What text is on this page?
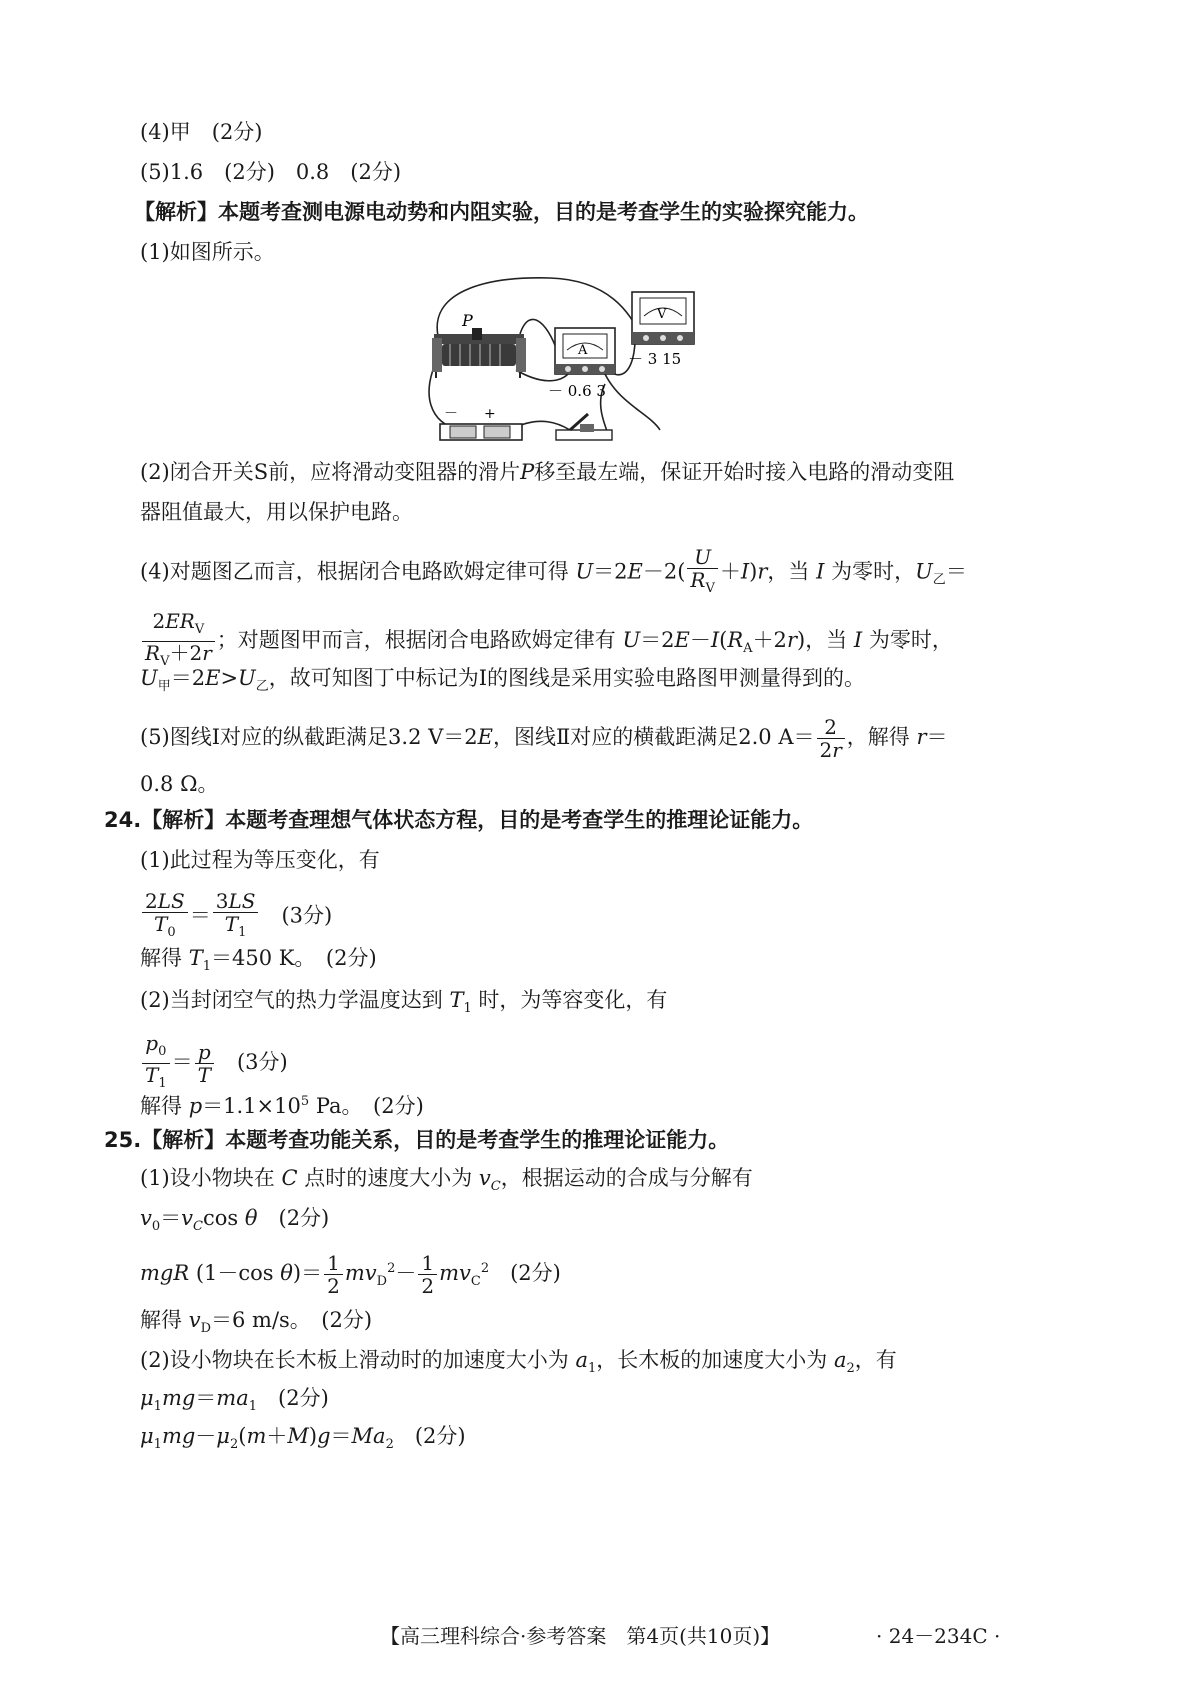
(4)甲　(2分)
(5)1.6　(2分)　0.8　(2分)
【解析】本题考查测电源电动势和内阻实验，目的是考查学生的实验探究能力。
(1)如图所示。
P
A
－ 0.6 3
V
－ 3 15
－ +
(2)闭合开关S前，应将滑动变阻器的滑片P移至最左端，保证开始时接入电路的滑动变阻
器阻值最大，用以保护电路。
(4)对题图乙而言，根据闭合电路欧姆定律可得 $U=2E-2( \frac{U}{R_V} +I)r$，当 I 为零时，$U_乙=$
$\frac{2ER_V}{R_V+2r}$ ；对题图甲而言，根据闭合电路欧姆定律有 $U=2E-I(R_A+2r)$，当 I 为零时，
$U_甲=2E>U_乙$，故可知图丁中标记为Ⅰ的图线是采用实验电路图甲测量得到的。
(5)图线Ⅰ对应的纵截距满足3.2 V＝2E，图线Ⅱ对应的横截距满足2.0 $A= \frac{2}{2r}$ ，解得 r＝
0.8 Ω。
24.【解析】本题考查理想气体状态方程，目的是考查学生的推理论证能力。
(1)此过程为等压变化，有
$\frac{2LS}{T_0} = \frac{3LS}{T_1}$
　 (3分)
解得 $T_1=450$ K。　(2分)
(2)当封闭空气的热力学温度达到 $T_1$ 时，为等容变化，有
$\frac{p_0}{T_1} = \frac{p}{T}$
　 (3分)
解得 $p=1.1\times 10^5$ Pa。　(2分)
25.【解析】本题考查功能关系，目的是考查学生的推理论证能力。
(1)设小物块在 C 点时的速度大小为 $v_C$，根据运动的合成与分解有
$v_0=v_C\cos$ θ　 (2分)
mgR (1－cos $\theta)= \frac{1}{2} mv_D^2- \frac{1}{2} mv_C^2$　 (2分)
解得 $v_D=6$ m/s。　(2分)
(2)设小物块在长木板上滑动时的加速度大小为 $a_1$，长木板的加速度大小为 $a_2$，有
$\mu_1mg=ma_1$　 (2分)
$\mu_1mg-\mu_2(m+M)g=Ma_2$　 (2分)
【高三理科综合·参考答案　第4页(共10页)】	· 24－234C ·
